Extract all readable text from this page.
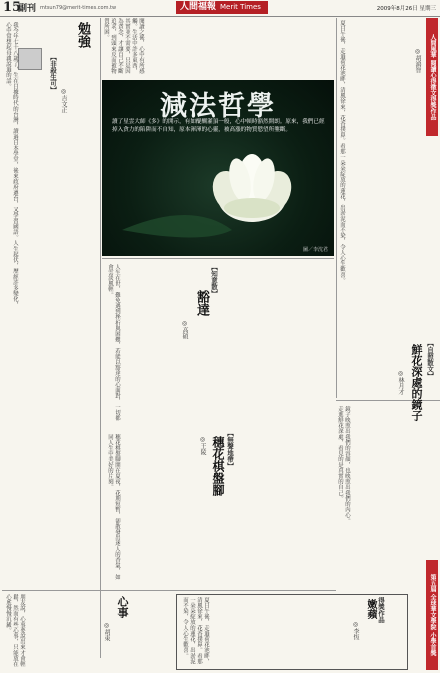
15
副刊 mtsun79@merit-times.com.tw	人間福報 Merit Times	2009年8月26日 星期三
勉強
【非殺生可】
◎吉文正
我今年七十八歲了，生在日據時代的台灣，讀過日本學堂，後來政府遷台，又學習國語。人生起伏，歷經許多變化，心中常想起母親說過的話。	閱讀之後，心中有所感觸。生活中許多東西，其實並不需要，只是因為貪念，才讓自己不斷追求，到頭來反而被物質所困。
減法哲學
讀了星雲大師《多》的開示，有如醍醐灌頂一般，心中頓時豁然開朗。原來，我們已經掉入貪力的陷阱而不自知，原本渾渾的心靈，被高漲的物質慾望所壟斷。
圖／李沈君
◎胡鴻智
夏日午後，走過荷花池畔，清風徐來，花香撲鼻。看那一朵朵綻放的蓮花，出淤泥而不染，令人心生歡喜。	人間風華 閱讀心得徵文得獎作品
【知意散】
豁達
◎高碩
人生在世，難免遇到挫折與困難，若能以豁達的心面對，一切都會雲淡風輕。
【無聲地帶】
穗花棋盤腳
◎王陵
穗花棋盤腳開在夏夜，花期短暫，卻散發出迷人的香氣，如同人生中美好的片刻。
【自照散文】
鮮花深處的鏡子
◎林月才
鏡子映照出我們的容顏，也映照出我們的內心。走進鮮花深處，看見的是真實的自己。
心事
◎胡東
朋友說，心事要說出來才會輕鬆，然而有些心事，只能放在心底慢慢沉澱。	夏日午後，走過荷花池畔，清風徐來，花香撲鼻。看那一朵朵綻放的蓮花，出淤泥而不染，令人心生歡喜。	得獎作品
嫩蘋
◎李恆	第五屆 全球華文學院 小學首獎
